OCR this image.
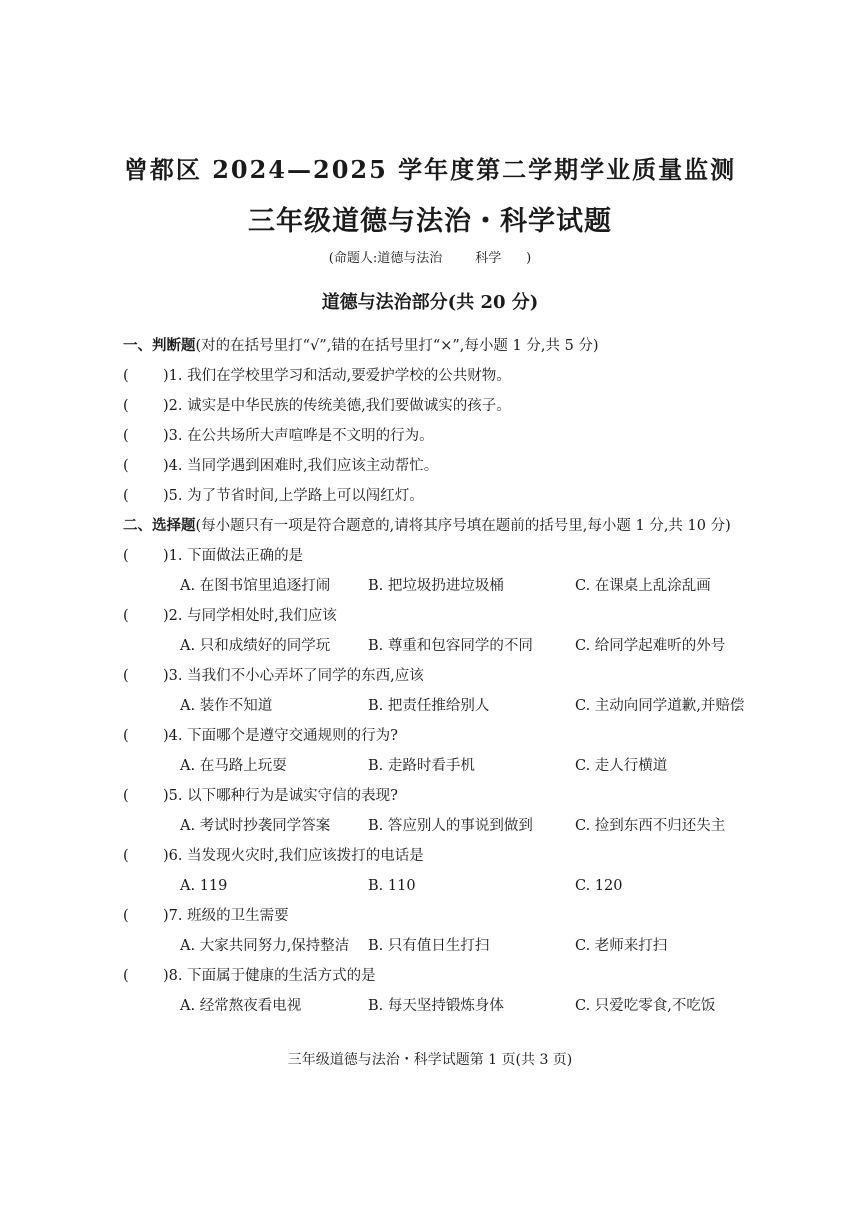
曾都区 2024—2025 学年度第二学期学业质量监测
三年级道德与法治・科学试题
(命题人:道德与法治        科学      )
道德与法治部分(共 20 分)
一、判断题(对的在括号里打“√”,错的在括号里打“×”,每小题 1 分,共 5 分)
(	)1. 我们在学校里学习和活动,要爱护学校的公共财物。
(	)2. 诚实是中华民族的传统美德,我们要做诚实的孩子。
(	)3. 在公共场所大声喧哗是不文明的行为。
(	)4. 当同学遇到困难时,我们应该主动帮忙。
(	)5. 为了节省时间,上学路上可以闯红灯。
二、选择题(每小题只有一项是符合题意的,请将其序号填在题前的括号里,每小题 1 分,共 10 分)
(	)1. 下面做法正确的是
A. 在图书馆里追逐打闹	B. 把垃圾扔进垃圾桶	C. 在课桌上乱涂乱画
(	)2. 与同学相处时,我们应该
A. 只和成绩好的同学玩	B. 尊重和包容同学的不同	C. 给同学起难听的外号
(	)3. 当我们不小心弄坏了同学的东西,应该
A. 装作不知道	B. 把责任推给别人	C. 主动向同学道歉,并赔偿
(	)4. 下面哪个是遵守交通规则的行为?
A. 在马路上玩耍	B. 走路时看手机	C. 走人行横道
(	)5. 以下哪种行为是诚实守信的表现?
A. 考试时抄袭同学答案	B. 答应别人的事说到做到	C. 捡到东西不归还失主
(	)6. 当发现火灾时,我们应该拨打的电话是
A. 119	B. 110	C. 120
(	)7. 班级的卫生需要
A. 大家共同努力,保持整洁	B. 只有值日生打扫	C. 老师来打扫
(	)8. 下面属于健康的生活方式的是
A. 经常熬夜看电视	B. 每天坚持锻炼身体	C. 只爱吃零食,不吃饭
三年级道德与法治・科学试题第 1 页(共 3 页)
